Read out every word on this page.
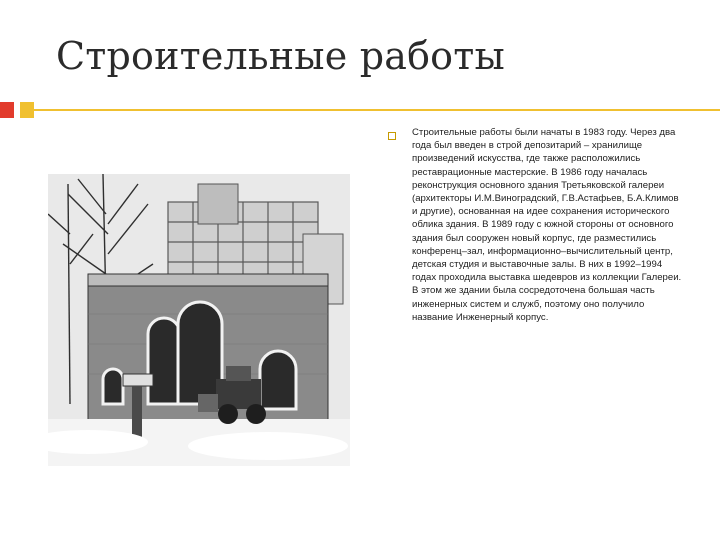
Строительные работы
Строительные работы были начаты в 1983 году. Через два года был введен в строй депозитарий – хранилище произведений искусства, где также расположились реставрационные мастерские. В 1986 году началась реконструкция основного здания Третьяковской галереи (архитекторы И.М.Виноградский, Г.В.Астафьев, Б.А.Климов и другие), основанная на идее сохранения исторического облика здания. В 1989 году с южной стороны от основного здания был сооружен новый корпус, где разместились конференц–зал, информационно–вычислительный центр, детская студия и выставочные залы. В них в 1992–1994 годах проходила выставка шедевров из коллекции Галереи. В этом же здании была сосредоточена большая часть инженерных систем и служб, поэтому оно получило название Инженерный корпус.
